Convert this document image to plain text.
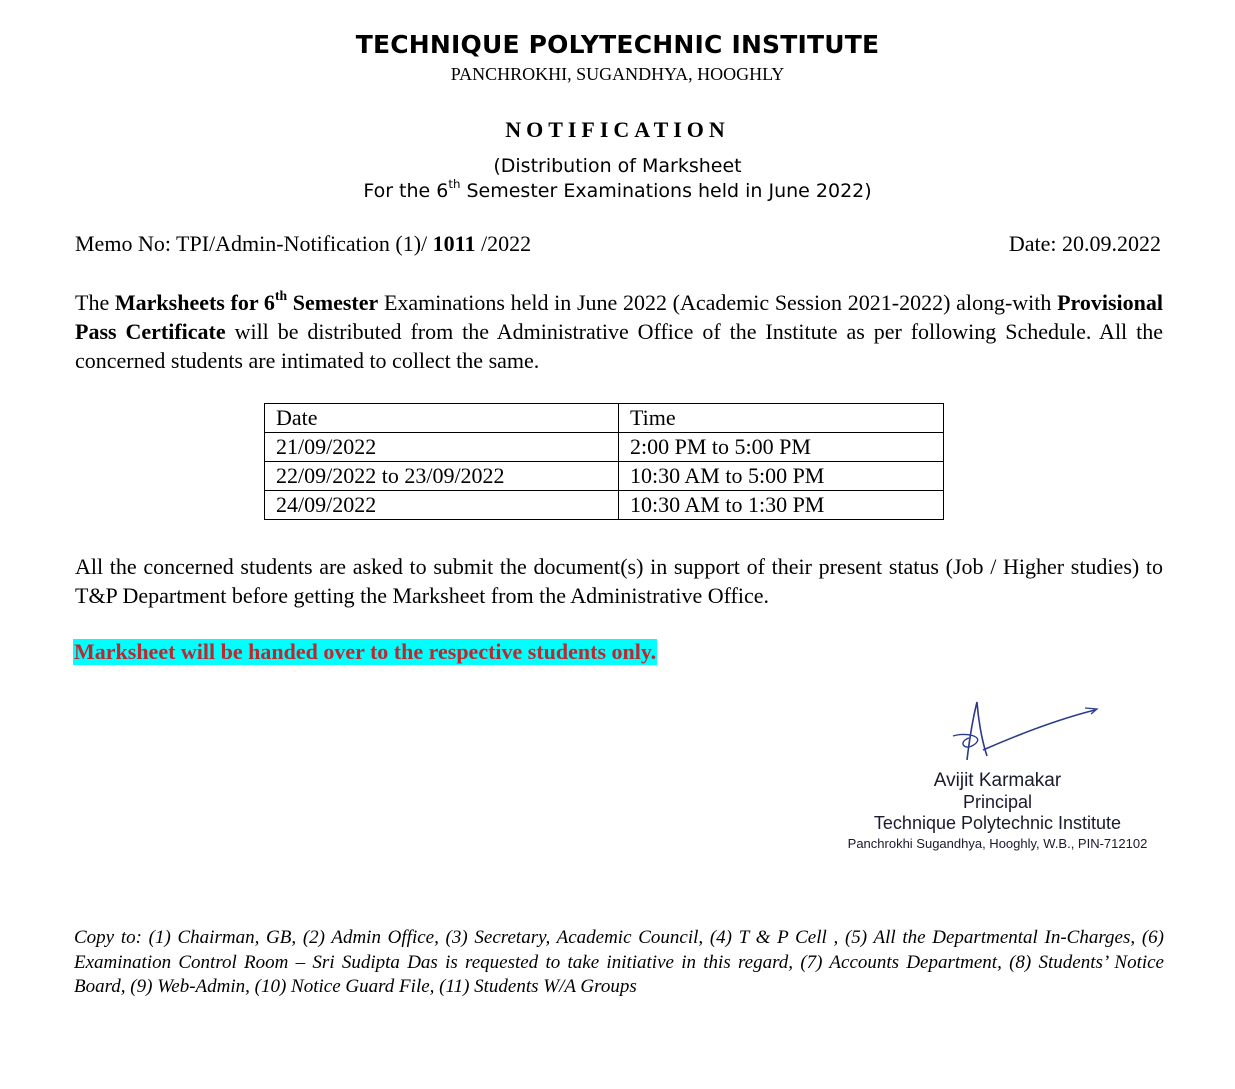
TECHNIQUE POLYTECHNIC INSTITUTE
PANCHROKHI, SUGANDHYA, HOOGHLY
NOTIFICATION
(Distribution of Marksheet
For the 6th Semester Examinations held in June 2022)
Memo No: TPI/Admin-Notification (1)/ 1011 /2022	Date: 20.09.2022
The Marksheets for 6th Semester Examinations held in June 2022 (Academic Session 2021-2022) along-with Provisional Pass Certificate will be distributed from the Administrative Office of the Institute as per following Schedule. All the concerned students are intimated to collect the same.
Date	Time
21/09/2022	2:00 PM to 5:00 PM
22/09/2022 to 23/09/2022	10:30 AM to 5:00 PM
24/09/2022	10:30 AM to 1:30 PM
All the concerned students are asked to submit the document(s) in support of their present status (Job / Higher studies) to T&P Department before getting the Marksheet from the Administrative Office.
Marksheet will be handed over to the respective students only.
Avijit Karmakar
Principal
Technique Polytechnic Institute
Panchrokhi Sugandhya, Hooghly, W.B., PIN-712102
Copy to: (1) Chairman, GB, (2) Admin Office, (3) Secretary, Academic Council, (4) T & P Cell , (5) All the Departmental In-Charges, (6) Examination Control Room – Sri Sudipta Das is requested to take initiative in this regard, (7) Accounts Department, (8) Students’ Notice Board, (9) Web-Admin, (10) Notice Guard File, (11) Students W/A Groups
